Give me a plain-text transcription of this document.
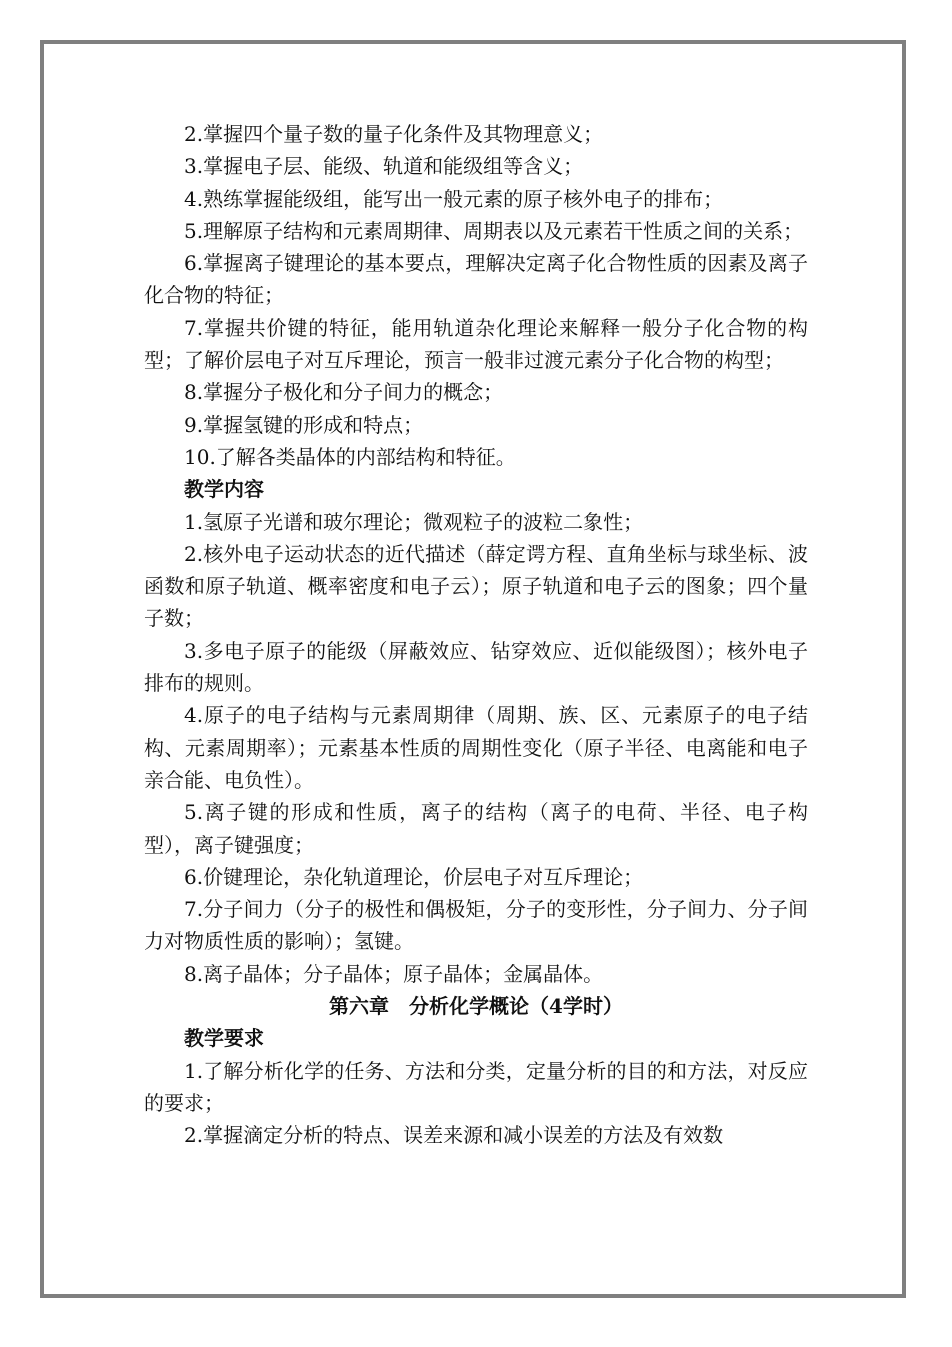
2.掌握四个量子数的量子化条件及其物理意义；

3.掌握电子层、能级、轨道和能级组等含义；

4.熟练掌握能级组，能写出一般元素的原子核外电子的排布；

5.理解原子结构和元素周期律、周期表以及元素若干性质之间的关系；

6.掌握离子键理论的基本要点，理解决定离子化合物性质的因素及离子化合物的特征；

7.掌握共价键的特征，能用轨道杂化理论来解释一般分子化合物的构型；了解价层电子对互斥理论，预言一般非过渡元素分子化合物的构型；

8.掌握分子极化和分子间力的概念；

9.掌握氢键的形成和特点；

10.了解各类晶体的内部结构和特征。

教学内容

1.氢原子光谱和玻尔理论；微观粒子的波粒二象性；

2.核外电子运动状态的近代描述（薛定谔方程、直角坐标与球坐标、波函数和原子轨道、概率密度和电子云）；原子轨道和电子云的图象；四个量子数；

3.多电子原子的能级（屏蔽效应、钻穿效应、近似能级图）；核外电子排布的规则。

4.原子的电子结构与元素周期律（周期、族、区、元素原子的电子结构、元素周期率）；元素基本性质的周期性变化（原子半径、电离能和电子亲合能、电负性）。

5.离子键的形成和性质，离子的结构（离子的电荷、半径、电子构型），离子键强度；

6.价键理论，杂化轨道理论，价层电子对互斥理论；

7.分子间力（分子的极性和偶极矩，分子的变形性，分子间力、分子间力对物质性质的影响）；氢键。

8.离子晶体；分子晶体；原子晶体；金属晶体。

第六章　分析化学概论（4学时）

教学要求

1.了解分析化学的任务、方法和分类，定量分析的目的和方法，对反应的要求；

2.掌握滴定分析的特点、误差来源和减小误差的方法及有效数
